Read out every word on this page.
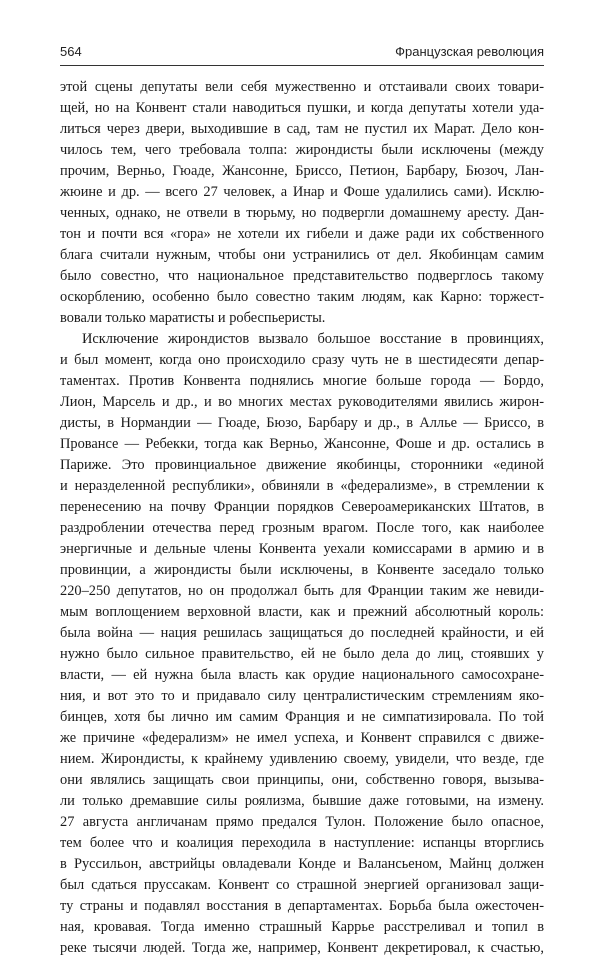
564	Французская революция
этой сцены депутаты вели себя мужественно и отстаивали своих товари-
щей, но на Конвент стали наводиться пушки, и когда депутаты хотели уда-
литься через двери, выходившие в сад, там не пустил их Марат. Дело кон-
чилось тем, чего требовала толпа: жирондисты были исключены (между
прочим, Верньо, Гюаде, Жансонне, Бриссо, Петион, Барбару, Бюзоч, Лан-
жюине и др. — всего 27 человек, а Инар и Фоше удалились сами). Исклю-
ченных, однако, не отвели в тюрьму, но подвергли домашнему аресту. Дан-
тон и почти вся «гора» не хотели их гибели и даже ради их собственного
блага считали нужным, чтобы они устранились от дел. Якобинцам самим
было совестно, что национальное представительство подверглось такому
оскорблению, особенно было совестно таким людям, как Карно: торжест-
вовали только маратисты и робеспьеристы.
Исключение жирондистов вызвало большое восстание в провинциях,
и был момент, когда оно происходило сразу чуть не в шестидесяти депар-
таментах. Против Конвента поднялись многие больше города — Бордо,
Лион, Марсель и др., и во многих местах руководителями явились жирон-
дисты, в Нормандии — Гюаде, Бюзо, Барбару и др., в Аллье — Бриссо, в
Провансе — Ребекки, тогда как Верньо, Жансонне, Фоше и др. остались в
Париже. Это провинциальное движение якобинцы, сторонники «единой
и неразделенной республики», обвиняли в «федерализме», в стремлении к
перенесению на почву Франции порядков Североамериканских Штатов, в
раздроблении отечества перед грозным врагом. После того, как наиболее
энергичные и дельные члены Конвента уехали комиссарами в армию и в
провинции, а жирондисты были исключены, в Конвенте заседало только
220–250 депутатов, но он продолжал быть для Франции таким же невиди-
мым воплощением верховной власти, как и прежний абсолютный король:
была война — нация решилась защищаться до последней крайности, и ей
нужно было сильное правительство, ей не было дела до лиц, стоявших у
власти, — ей нужна была власть как орудие национального самосохране-
ния, и вот это то и придавало силу централистическим стремлениям яко-
бинцев, хотя бы лично им самим Франция и не симпатизировала. По той
же причине «федерализм» не имел успеха, и Конвент справился с движе-
нием. Жирондисты, к крайнему удивлению своему, увидели, что везде, где
они являлись защищать свои принципы, они, собственно говоря, вызыва-
ли только дремавшие силы роялизма, бывшие даже готовыми, на измену.
27 августа англичанам прямо предался Тулон. Положение было опасное,
тем более что и коалиция переходила в наступление: испанцы вторглись
в Руссильон, австрийцы овладевали Конде и Валансьеном, Майнц должен
был сдаться пруссакам. Конвент со страшной энергией организовал защи-
ту страны и подавлял восстания в департаментах. Борьба была ожесточен-
ная, кровавая. Тогда именно страшный Каррье расстреливал и топил в
реке тысячи людей. Тогда же, например, Конвент декретировал, к счастью,
